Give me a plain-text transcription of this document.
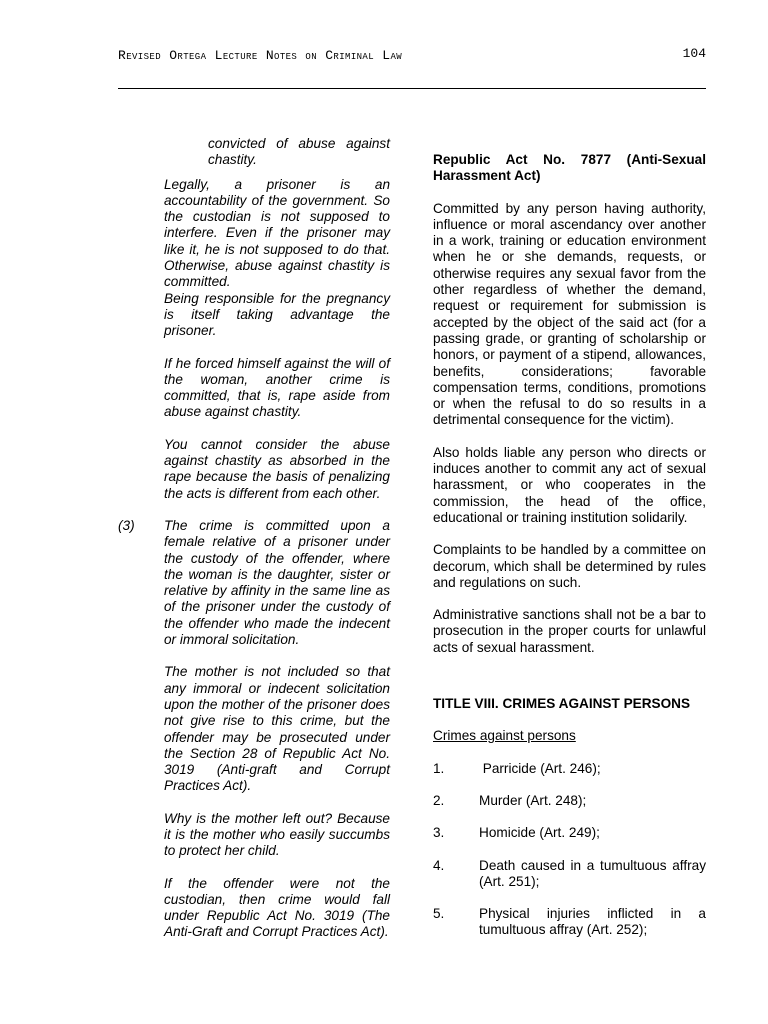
Revised Ortega Lecture Notes on Criminal Law	104

convicted of abuse against chastity.

Legally, a prisoner is an accountability of the government. So the custodian is not supposed to interfere. Even if the prisoner may like it, he is not supposed to do that. Otherwise, abuse against chastity is committed.

Being responsible for the pregnancy is itself taking advantage the prisoner.

If he forced himself against the will of the woman, another crime is committed, that is, rape aside from abuse against chastity.

You cannot consider the abuse against chastity as absorbed in the rape because the basis of penalizing the acts is different from each other.

(3)	The crime is committed upon a female relative of a prisoner under the custody of the offender, where the woman is the daughter, sister or relative by affinity in the same line as of the prisoner under the custody of the offender who made the indecent or immoral solicitation.

The mother is not included so that any immoral or indecent solicitation upon the mother of the prisoner does not give rise to this crime, but the offender may be prosecuted under the Section 28 of Republic Act No. 3019 (Anti-graft and Corrupt Practices Act).

Why is the mother left out? Because it is the mother who easily succumbs to protect her child.

If the offender were not the custodian, then crime would fall under Republic Act No. 3019 (The Anti-Graft and Corrupt Practices Act).

Republic Act No. 7877 (Anti-Sexual Harassment Act)

Committed by any person having authority, influence or moral ascendancy over another in a work, training or education environment when he or she demands, requests, or otherwise requires any sexual favor from the other regardless of whether the demand, request or requirement for submission is accepted by the object of the said act (for a passing grade, or granting of scholarship or honors, or payment of a stipend, allowances, benefits, considerations; favorable compensation terms, conditions, promotions or when the refusal to do so results in a detrimental consequence for the victim).

Also holds liable any person who directs or induces another to commit any act of sexual harassment, or who cooperates in the commission, the head of the office, educational or training institution solidarily.

Complaints to be handled by a committee on decorum, which shall be determined by rules and regulations on such.

Administrative sanctions shall not be a bar to prosecution in the proper courts for unlawful acts of sexual harassment.

TITLE VIII. CRIMES AGAINST PERSONS

Crimes against persons

1.	Parricide (Art. 246);
2.	Murder (Art. 248);
3.	Homicide (Art. 249);
4.	Death caused in a tumultuous affray (Art. 251);
5.	Physical injuries inflicted in a tumultuous affray (Art. 252);
